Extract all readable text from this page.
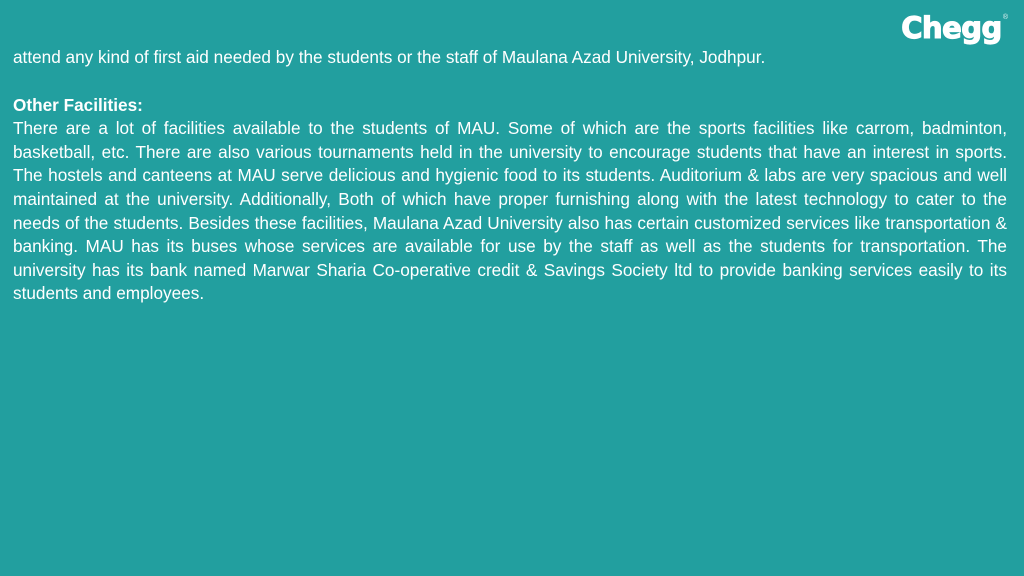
Chegg ®

attend any kind of first aid needed by the students or the staff of Maulana Azad University, Jodhpur.

Other Facilities:

There are a lot of facilities available to the students of MAU. Some of which are the sports facilities like carrom, badminton, basketball, etc. There are also various tournaments held in the university to encourage students that have an interest in sports. The hostels and canteens at MAU serve delicious and hygienic food to its students. Auditorium & labs are very spacious and well maintained at the university. Additionally, Both of which have proper furnishing along with the latest technology to cater to the needs of the students. Besides these facilities, Maulana Azad University also has certain customized services like transportation & banking. MAU has its buses whose services are available for use by the staff as well as the students for transportation. The university has its bank named Marwar Sharia Co-operative credit & Savings Society ltd to provide banking services easily to its students and employees.
